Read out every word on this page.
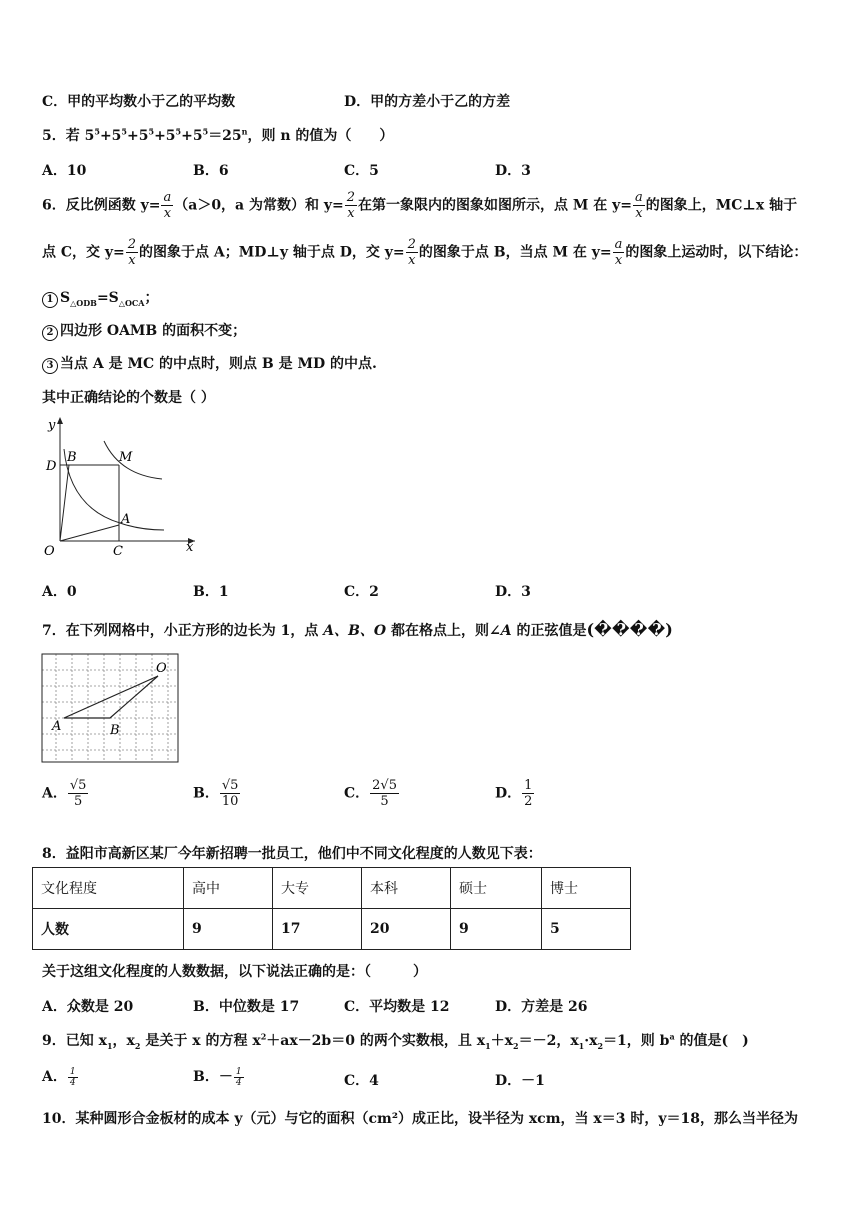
C．甲的平均数小于乙的平均数	D．甲的方差小于乙的方差
5．若 $5^5+5^5+5^5+5^5+5^5=25^n$，则 n 的值为（　　）
A．10	B．6	C．5	D．3
6．反比例函数 $y= \frac{a}{x} (a>0$，a 为常数）和 $y= \frac{2}{x}$ 在第一象限内的图象如图所示，点 M 在 $y= \frac{a}{x}$ 的图象上，MC⊥x 轴于
点 C，交 $y= \frac{2}{x}$ 的图象于点 A；MD⊥y 轴于点 D，交 $y= \frac{2}{x}$ 的图象于点 B，当点 M 在 $y= \frac{a}{x}$ 的图象上运动时，以下结论：
1 $S_{\triangle ODB}=S_{\triangle OCA}$；
2 四边形 OAMB 的面积不变；
3 当点 A 是 MC 的中点时，则点 B 是 MD 的中点.
其中正确结论的个数是（ ）
y
D
B	M
A
O	C	x
A．0	B．1	C．2	D．3
7．在下列网格中，小正方形的边长为 1，点 A、B、O 都在格点上，则∠A 的正弦值是(����)
A	B
O
A． $\frac{√5}{5}$	B． $\frac{√5}{10}$	C． $\frac{2√5}{5}$	D． $\frac{1}{2}$
8．益阳市高新区某厂今年新招聘一批员工，他们中不同文化程度的人数见下表：
文化程度	高中	大专	本科	硕士	博士
人数	9	17	20	9	5
关于这组文化程度的人数数据，以下说法正确的是：（　　　）
A．众数是 20	B．中位数是 17	C．平均数是 12	D．方差是 26
9．已知 $x_1$，$x_2$ 是关于 x 的方程 $x^2+ax-2b=0$ 的两个实数根，且 $x_1+x_2=-2$，$x_1\cdot x_2=1$，则 $b^a$ 的值是(　)
A． $\frac{1}{4}$	B．－ $\frac{1}{4}$	C．4	D．－1
10．某种圆形合金板材的成本 y（元）与它的面积（cm²）成正比，设半径为 xcm，当 x＝3 时，y＝18，那么当半径为
